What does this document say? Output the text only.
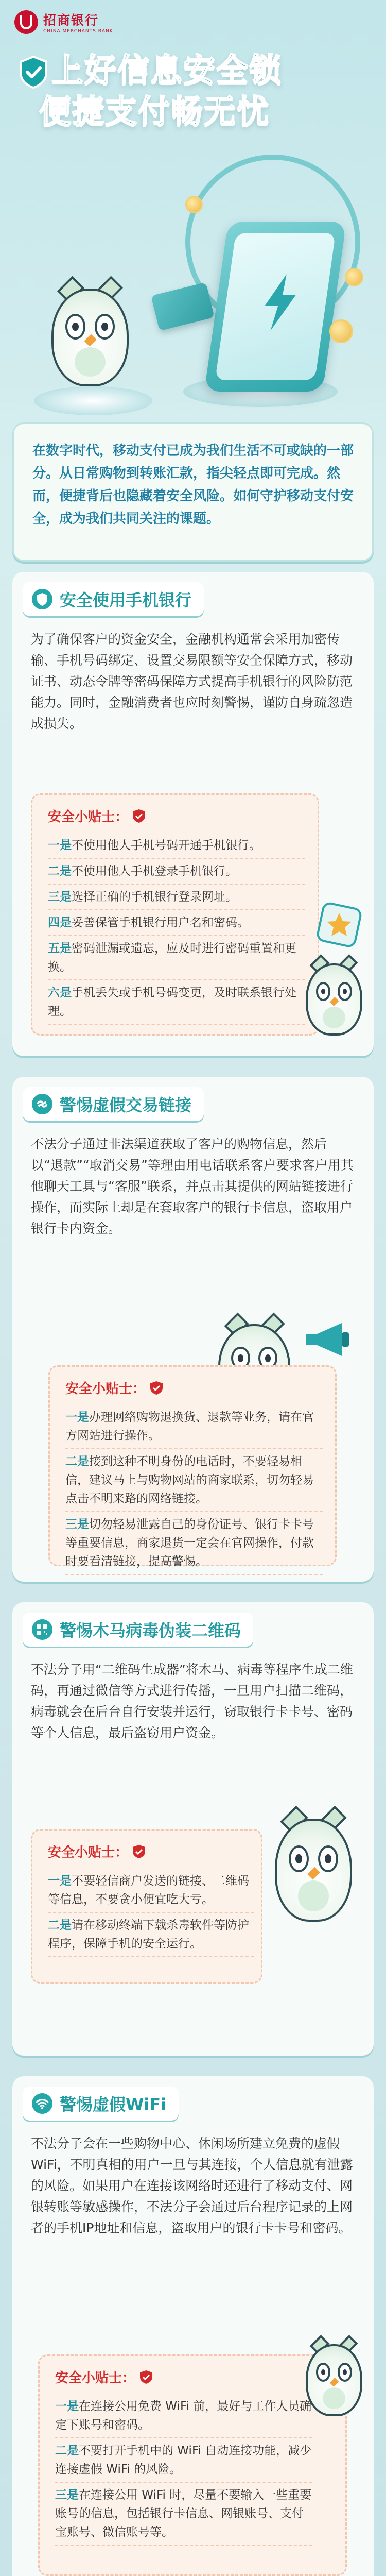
招商银行
CHINA MERCHANTS BANK
上好信息安全锁
便捷支付畅无忧

在数字时代，移动支付已成为我们生活不可或缺的一部分。从日常购物到转账汇款，指尖轻点即可完成。然而，便捷背后也隐藏着安全风险。如何守护移动支付安全，成为我们共同关注的课题。

安全使用手机银行
为了确保客户的资金安全，金融机构通常会采用加密传输、手机号码绑定、设置交易限额等安全保障方式，移动证书、动态令牌等密码保障方式提高手机银行的风险防范能力。同时，金融消费者也应时刻警惕，谨防自身疏忽造成损失。
安全小贴士：
一是不使用他人手机号码开通手机银行。
二是不使用他人手机登录手机银行。
三是选择正确的手机银行登录网址。
四是妥善保管手机银行用户名和密码。
五是密码泄漏或遗忘，应及时进行密码重置和更换。
六是手机丢失或手机号码变更，及时联系银行处理。
警惕虚假交易链接
不法分子通过非法渠道获取了客户的购物信息，然后以“退款”“取消交易”等理由用电话联系客户要求客户用其他聊天工具与“客服”联系，并点击其提供的网站链接进行操作，而实际上却是在套取客户的银行卡信息，盗取用户银行卡内资金。
安全小贴士：
一是办理网络购物退换货、退款等业务，请在官方网站进行操作。
二是接到这种不明身份的电话时，不要轻易相信，建议马上与购物网站的商家联系，切勿轻易点击不明来路的网络链接。
三是切勿轻易泄露自己的身份证号、银行卡卡号等重要信息，商家退货一定会在官网操作，付款时要看清链接，提高警惕。
警惕木马病毒伪装二维码
不法分子用“二维码生成器”将木马、病毒等程序生成二维码，再通过微信等方式进行传播，一旦用户扫描二维码，病毒就会在后台自行安装并运行，窃取银行卡卡号、密码等个人信息，最后盗窃用户资金。
安全小贴士：
一是不要轻信商户发送的链接、二维码等信息，不要贪小便宜吃大亏。
二是请在移动终端下载杀毒软件等防护程序，保障手机的安全运行。
警惕虚假WiFi
不法分子会在一些购物中心、休闲场所建立免费的虚假WiFi，不明真相的用户一旦与其连接，个人信息就有泄露的风险。如果用户在连接该网络时还进行了移动支付、网银转账等敏感操作，不法分子会通过后台程序记录的上网者的手机IP地址和信息，盗取用户的银行卡卡号和密码。
安全小贴士：
一是在连接公用免费 WiFi 前，最好与工作人员确定下账号和密码。
二是不要打开手机中的 WiFi 自动连接功能，减少连接虚假 WiFi 的风险。
三是在连接公用 WiFi 时，尽量不要输入一些重要账号的信息，包括银行卡信息、网银账号、支付宝账号、微信账号等。
